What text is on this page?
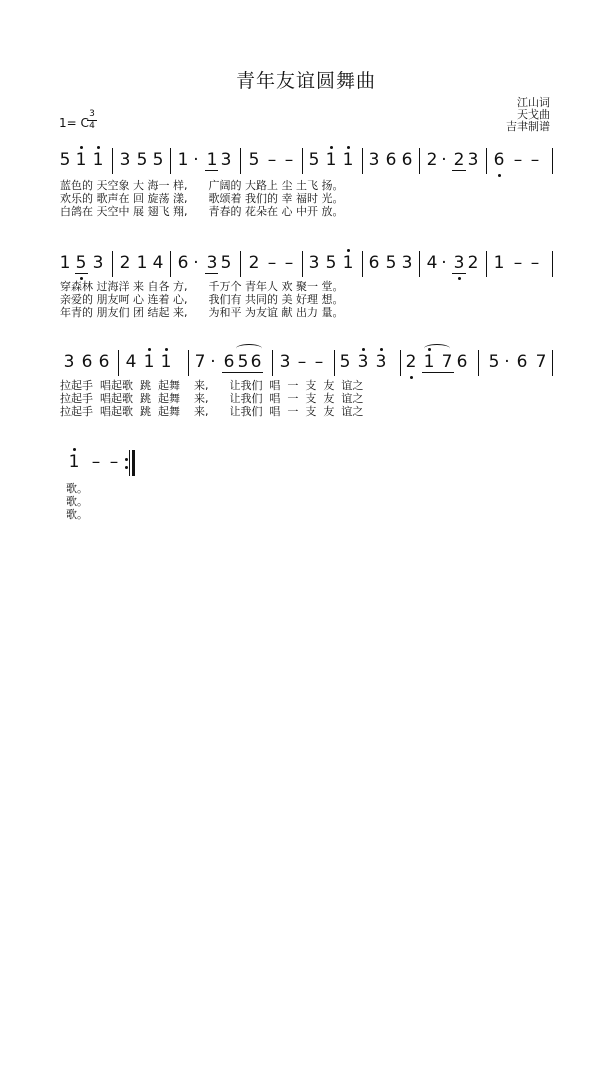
青年友谊圆舞曲
江山词
天戈曲
吉聿制谱
1= C
3
4
5 1 1 3 5 5 1 · 1 3 5 – – 5 1 1 3 6 6 2 · 2 3 6 – –
蓝色的 天空象 大 海一 样,      广阔的 大路上 尘 土飞 扬。
欢乐的 歌声在 回 旋荡 漾,      歌颂着 我们的 幸 福时 光。
白鸽在 天空中 展 翅飞 翔,      青春的 花朵在 心 中开 放。
1 5 3 2 1 4 6 · 3 5 2 – – 3 5 1 6 5 3 4 · 3 2 1 – –
穿森林 过海洋 来 自各 方,      千万个 青年人 欢 聚一 堂。
亲爱的 朋友呵 心 连着 心,      我们有 共同的 美 好理 想。
年青的 朋友们 团 结起 来,      为和平 为友谊 献 出力 量。
3 6 6 4 1 1 7 · 6 5 6 3 – – 5 3 3 2 1 7 6 5 · 6 7
拉起手  唱起歌  跳  起舞    来,      让我们  唱  一  支  友  谊之
拉起手  唱起歌  跳  起舞    来,      让我们  唱  一  支  友  谊之
拉起手  唱起歌  跳  起舞    来,      让我们  唱  一  支  友  谊之
1 – –
歌。
歌。
歌。
